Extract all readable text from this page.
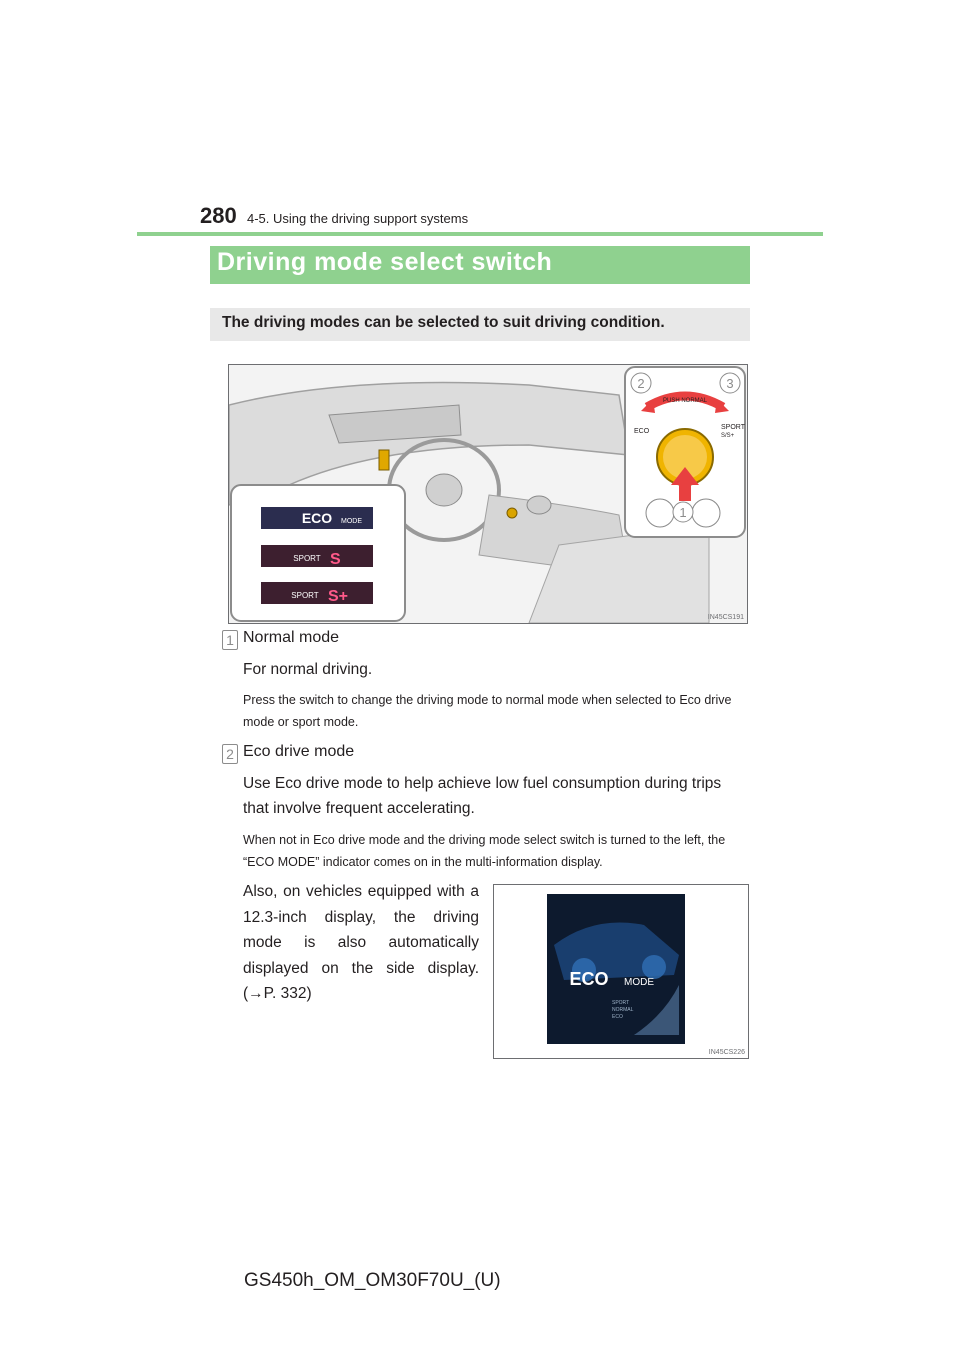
280 4-5. Using the driving support systems
Driving mode select switch
The driving modes can be selected to suit driving condition.
ECO MODE
SPORT S
SPORT S+
ECO
PUSH NORMAL
SPORT
S/S+
2	3
1
IN45CS191
1 Normal mode
For normal driving.
Press the switch to change the driving mode to normal mode when selected to Eco drive mode or sport mode.
2 Eco drive mode
Use Eco drive mode to help achieve low fuel consumption during trips that involve frequent accelerating.
When not in Eco drive mode and the driving mode select switch is turned to the left, the “ECO MODE” indicator comes on in the multi-information display.
Also, on vehicles equipped with a 12.3-inch display, the driving mode is also automatically displayed on the side display. (→P. 332)
ECO MODE
SPORT
NORMAL
ECO
IN45CS226
GS450h_OM_OM30F70U_(U)
